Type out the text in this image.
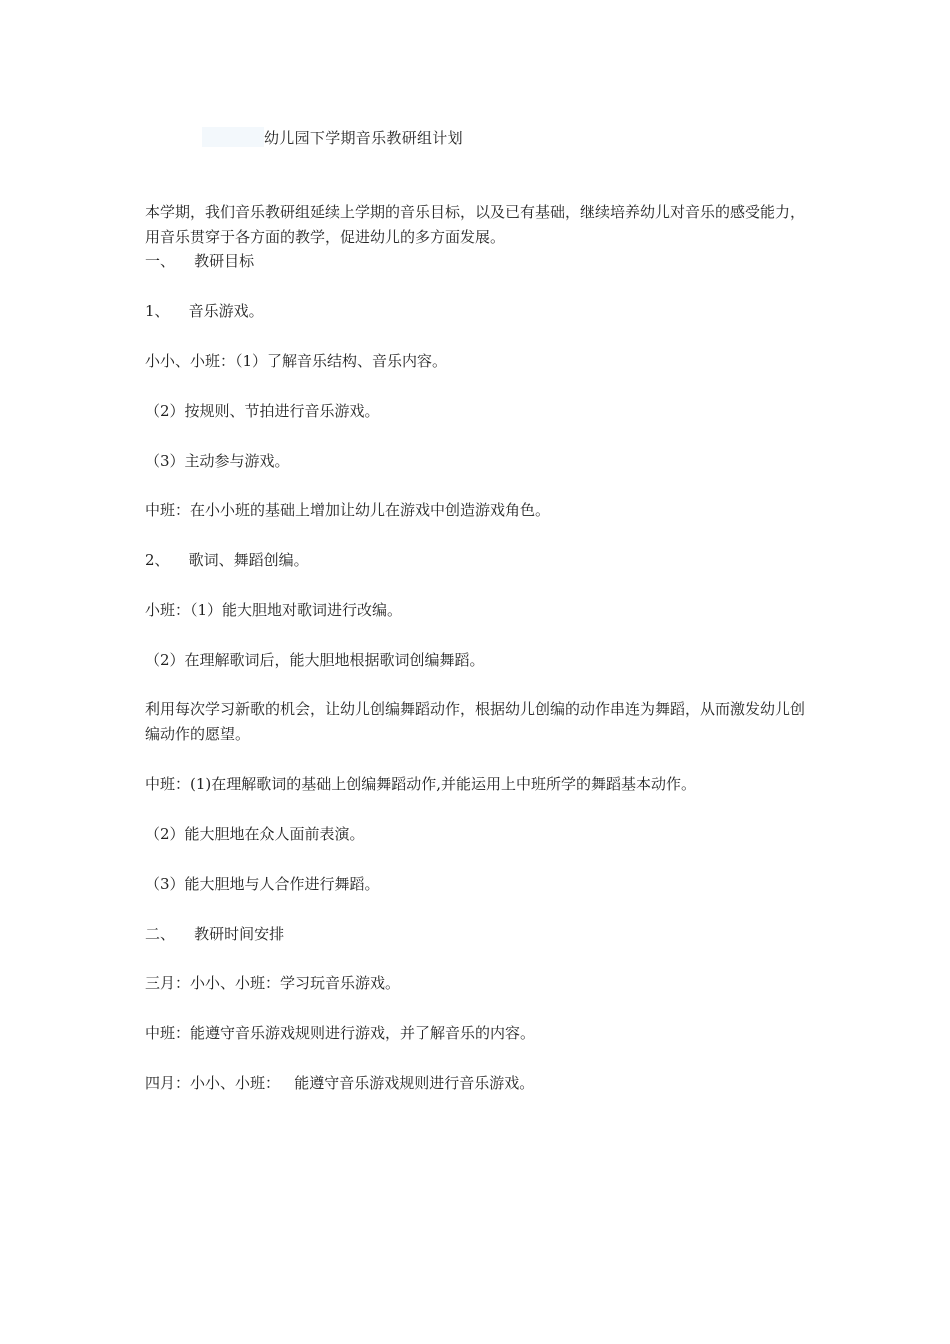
幼儿园下学期音乐教研组计划
本学期，我们音乐教研组延续上学期的音乐目标，以及已有基础，继续培养幼儿对音乐的感受能力，用音乐贯穿于各方面的教学，促进幼儿的多方面发展。
一、    教研目标
1、    音乐游戏。
小小、小班：（1）了解音乐结构、音乐内容。
（2）按规则、节拍进行音乐游戏。
（3）主动参与游戏。
中班：在小小班的基础上增加让幼儿在游戏中创造游戏角色。
2、    歌词、舞蹈创编。
小班：（1）能大胆地对歌词进行改编。
（2）在理解歌词后，能大胆地根据歌词创编舞蹈。
利用每次学习新歌的机会，让幼儿创编舞蹈动作，根据幼儿创编的动作串连为舞蹈，从而激发幼儿创编动作的愿望。
中班：(1)在理解歌词的基础上创编舞蹈动作,并能运用上中班所学的舞蹈基本动作。
（2）能大胆地在众人面前表演。
（3）能大胆地与人合作进行舞蹈。
二、    教研时间安排
三月：小小、小班：学习玩音乐游戏。
中班：能遵守音乐游戏规则进行游戏，并了解音乐的内容。
四月：小小、小班：   能遵守音乐游戏规则进行音乐游戏。
